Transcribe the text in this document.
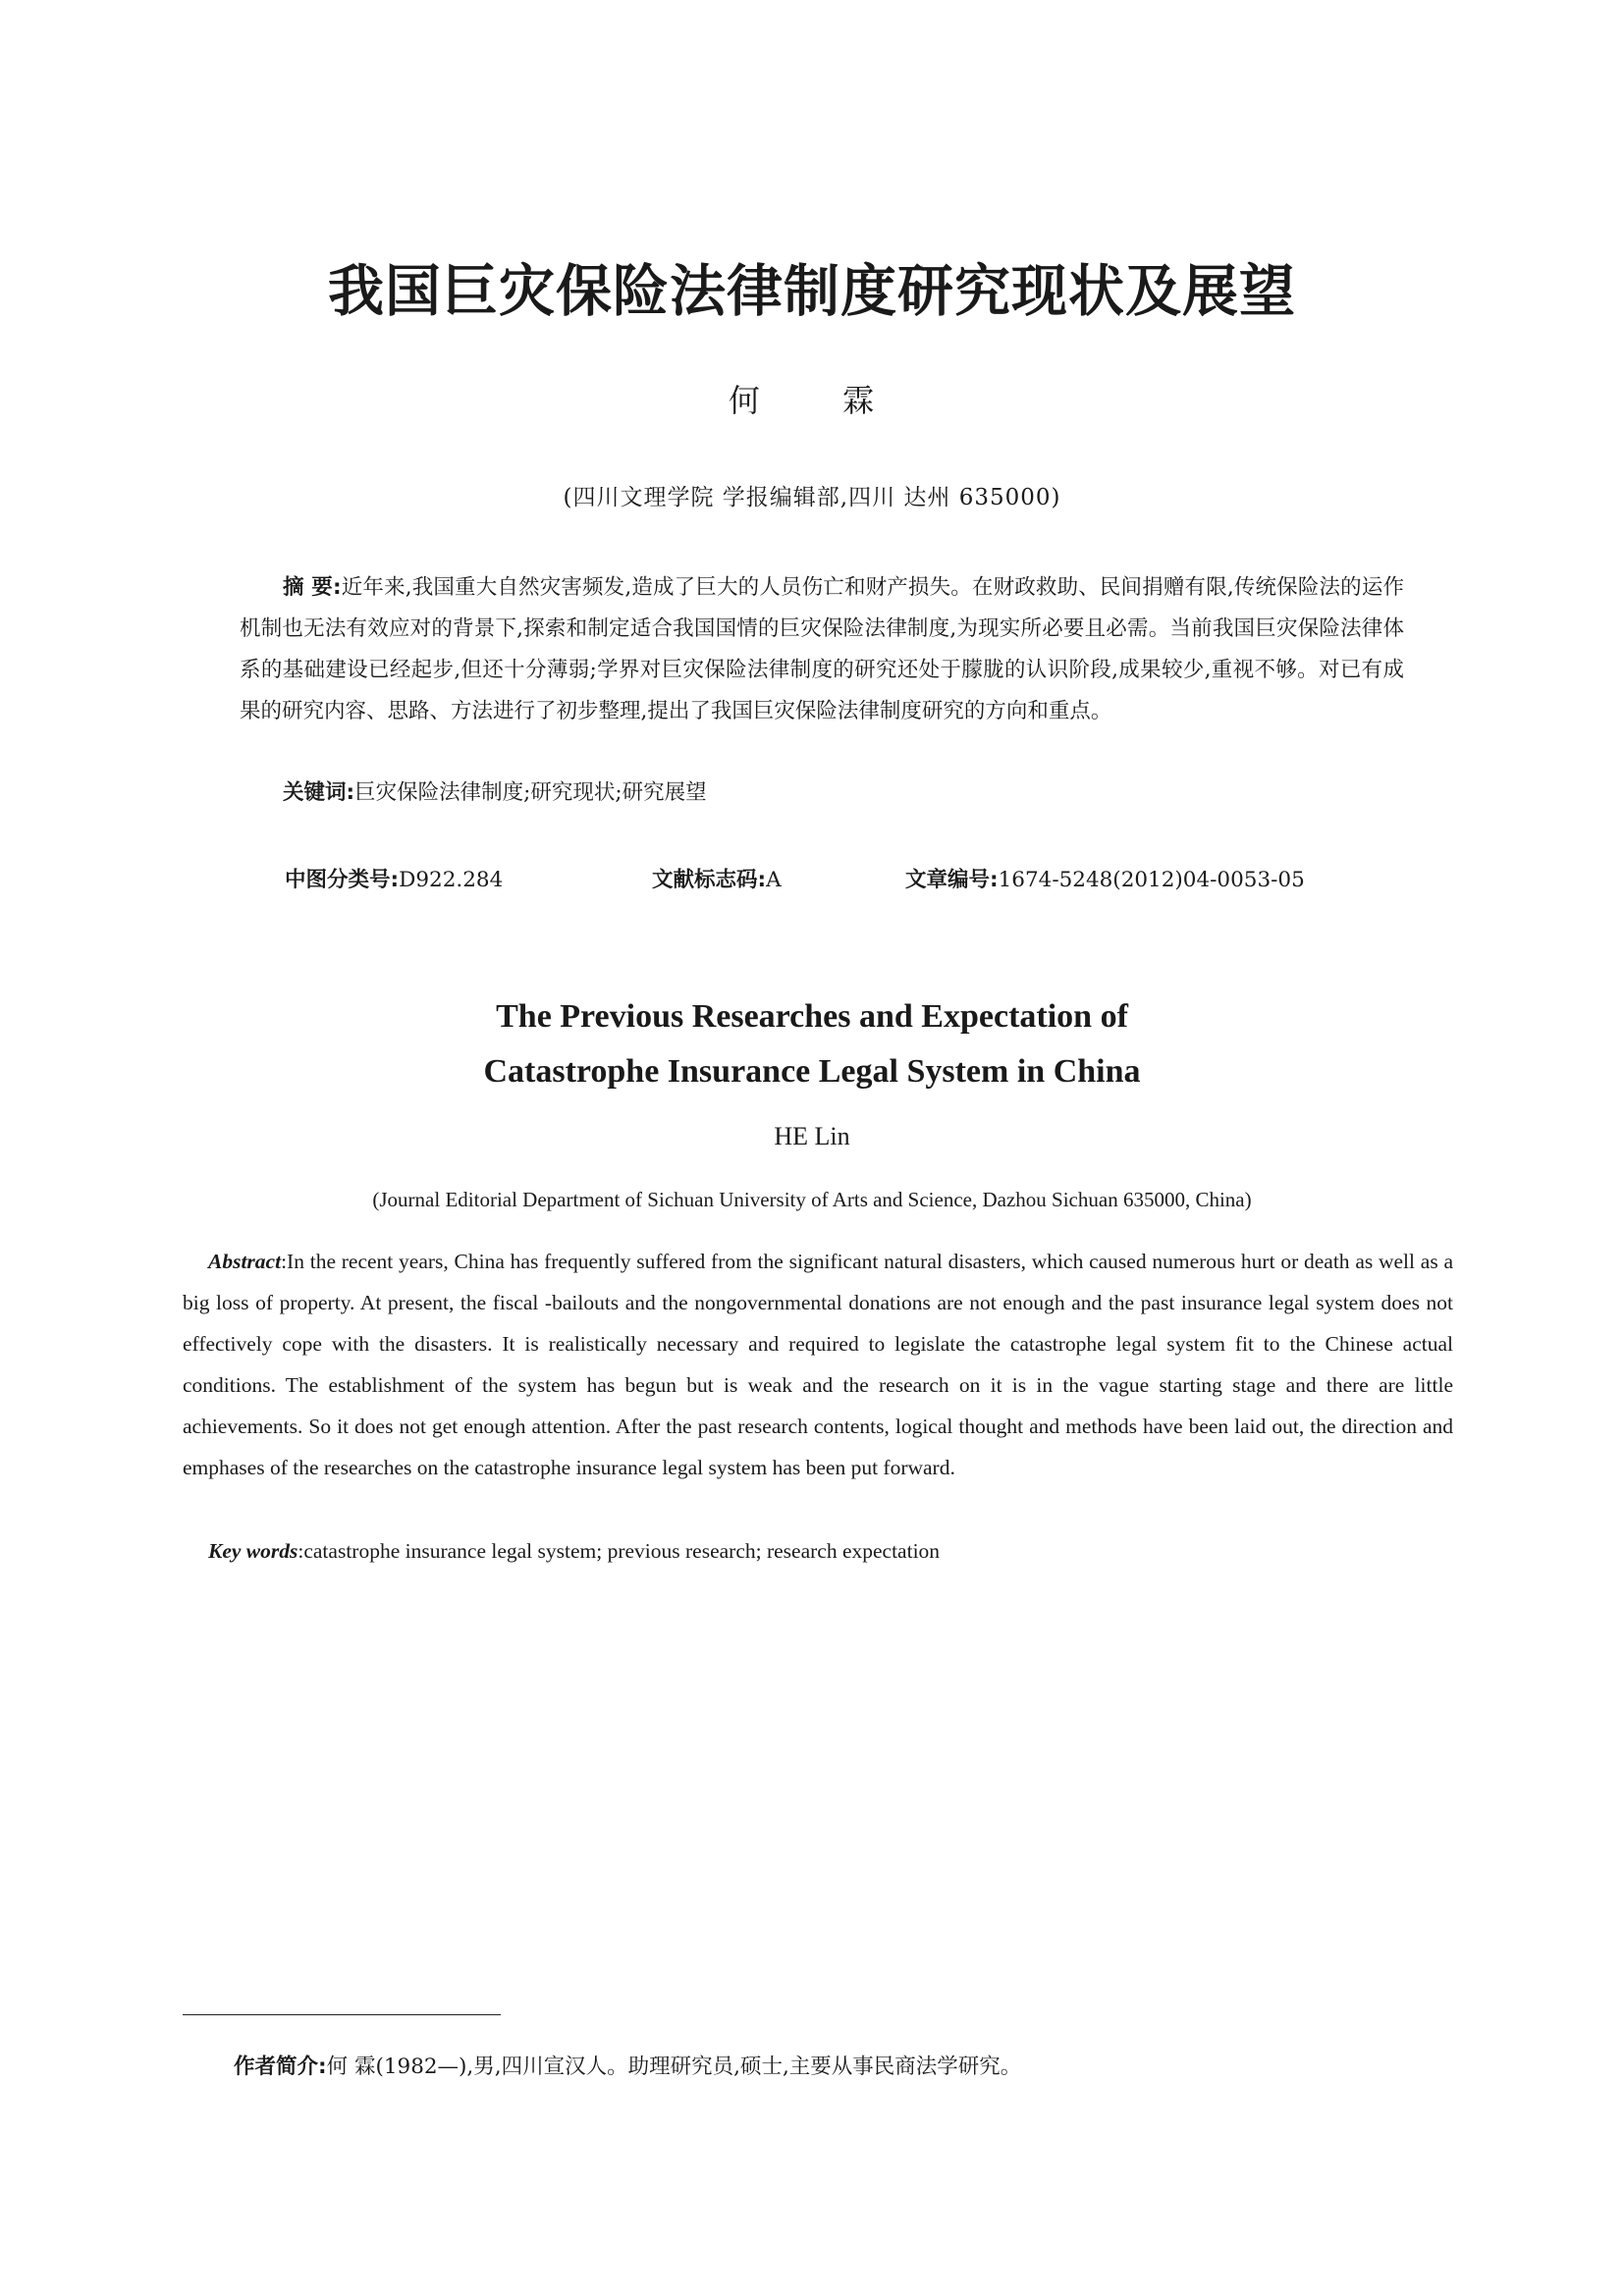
我国巨灾保险法律制度研究现状及展望
何 霖
(四川文理学院 学报编辑部,四川 达州 635000)
摘 要:近年来,我国重大自然灾害频发,造成了巨大的人员伤亡和财产损失。在财政救助、民间捐赠有限,传统保险法的运作机制也无法有效应对的背景下,探索和制定适合我国国情的巨灾保险法律制度,为现实所必要且必需。当前我国巨灾保险法律体系的基础建设已经起步,但还十分薄弱;学界对巨灾保险法律制度的研究还处于朦胧的认识阶段,成果较少,重视不够。对已有成果的研究内容、思路、方法进行了初步整理,提出了我国巨灾保险法律制度研究的方向和重点。
关键词:巨灾保险法律制度;研究现状;研究展望
中图分类号:D922.284	文献标志码:A	文章编号:1674-5248(2012)04-0053-05
The Previous Researches and Expectation of
Catastrophe Insurance Legal System in China
HE Lin
(Journal Editorial Department of Sichuan University of Arts and Science, Dazhou Sichuan 635000, China)
Abstract:In the recent years, China has frequently suffered from the significant natural disasters, which caused numerous hurt or death as well as a big loss of property. At present, the fiscal -bailouts and the nongovernmental donations are not enough and the past insurance legal system does not effectively cope with the disasters. It is realistically necessary and required to legislate the catastrophe legal system fit to the Chinese actual conditions. The establishment of the system has begun but is weak and the research on it is in the vague starting stage and there are little achievements. So it does not get enough attention. After the past research contents, logical thought and methods have been laid out, the direction and emphases of the researches on the catastrophe insurance legal system has been put forward.
Key words:catastrophe insurance legal system; previous research; research expectation
作者简介:何 霖(1982—),男,四川宣汉人。助理研究员,硕士,主要从事民商法学研究。
